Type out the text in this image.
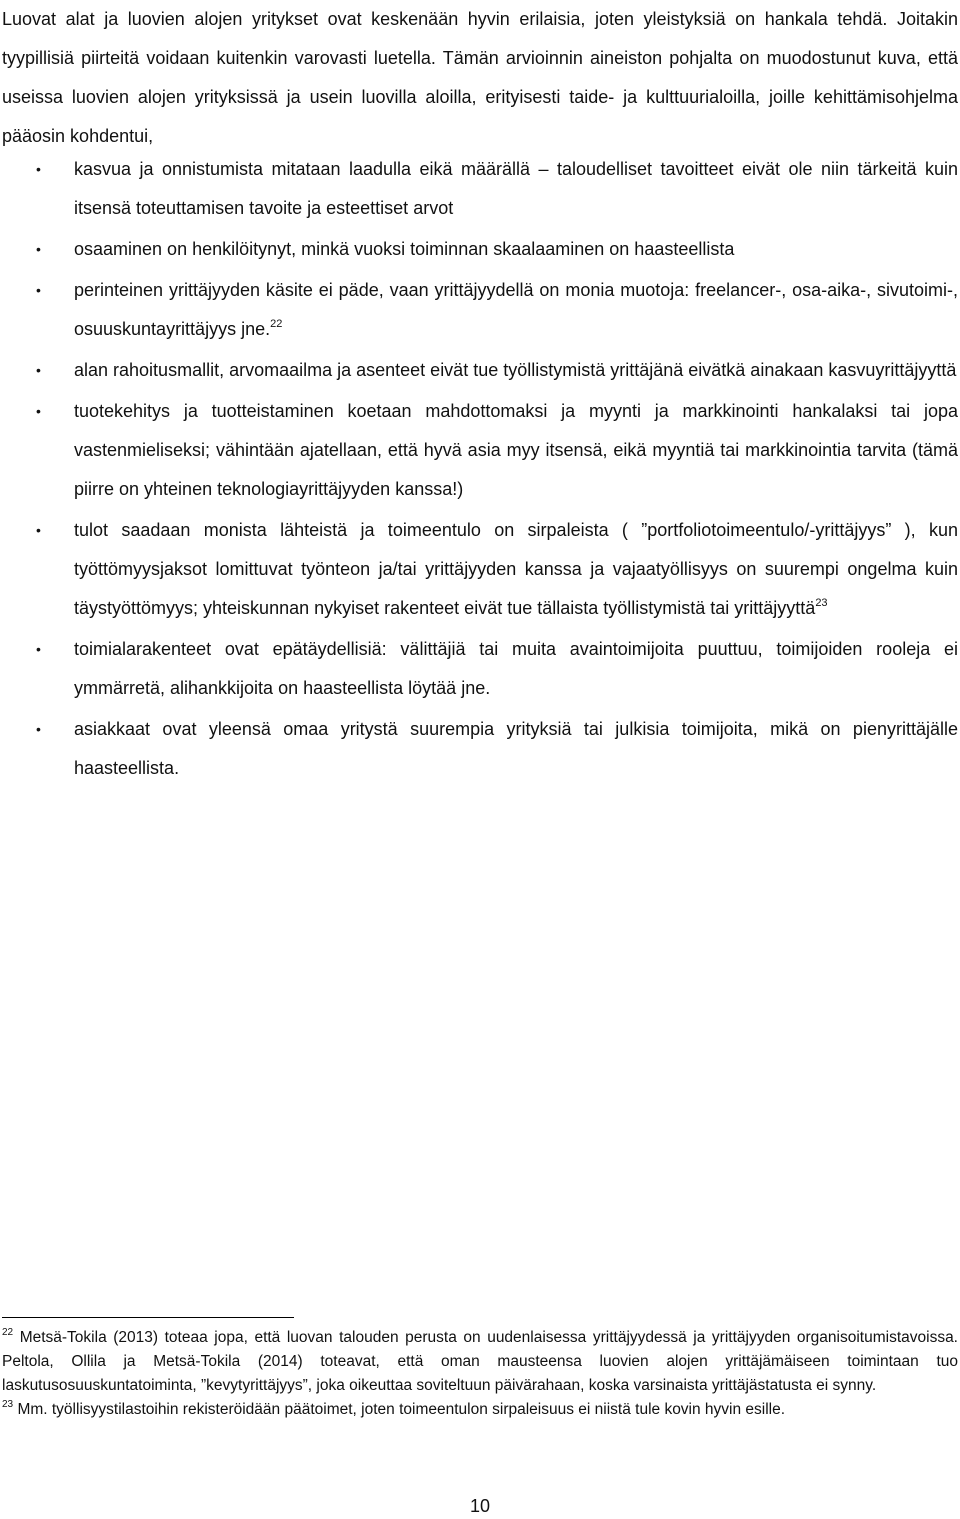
Luovat alat ja luovien alojen yritykset ovat keskenään hyvin erilaisia, joten yleistyksiä on hankala tehdä. Joitakin tyypillisiä piirteitä voidaan kuitenkin varovasti luetella. Tämän arvioinnin aineiston pohjalta on muodostunut kuva, että useissa luovien alojen yrityksissä ja usein luovilla aloilla, erityisesti taide- ja kulttuurialoilla, joille kehittämisohjelma pääosin kohdentui,

• kasvua ja onnistumista mitataan laadulla eikä määrällä – taloudelliset tavoitteet eivät ole niin tärkeitä kuin itsensä toteuttamisen tavoite ja esteettiset arvot
• osaaminen on henkilöitynyt, minkä vuoksi toiminnan skaalaaminen on haasteellista
• perinteinen yrittäjyyden käsite ei päde, vaan yrittäjyydellä on monia muotoja: freelancer-, osa-aika-, sivutoimi-, osuuskuntayrittäjyys jne.$^{22}$
• alan rahoitusmallit, arvomaailma ja asenteet eivät tue työllistymistä yrittäjänä eivätkä ainakaan kasvuyrittäjyyttä
• tuotekehitys ja tuotteistaminen koetaan mahdottomaksi ja myynti ja markkinointi hankalaksi tai jopa vastenmieliseksi; vähintään ajatellaan, että hyvä asia myy itsensä, eikä myyntiä tai markkinointia tarvita (tämä piirre on yhteinen teknologiayrittäjyyden kanssa!)
• tulot saadaan monista lähteistä ja toimeentulo on sirpaleista ( ”portfoliotoimeentulo/-yrittäjyys” ), kun työttömyysjaksot lomittuvat työnteon ja/tai yrittäjyyden kanssa ja vajaatyöllisyys on suurempi ongelma kuin täystyöttömyys; yhteiskunnan nykyiset rakenteet eivät tue tällaista työllistymistä tai yrittäjyyttä$^{23}$
• toimialarakenteet ovat epätäydellisiä: välittäjiä tai muita avaintoimijoita puuttuu, toimijoiden rooleja ei ymmärretä, alihankkijoita on haasteellista löytää jne.
• asiakkaat ovat yleensä omaa yritystä suurempia yrityksiä tai julkisia toimijoita, mikä on pienyrittäjälle haasteellista.

$^{22}$ Metsä-Tokila (2013) toteaa jopa, että luovan talouden perusta on uudenlaisessa yrittäjyydessä ja yrittäjyyden organisoitumistavoissa. Peltola, Ollila ja Metsä-Tokila (2014) toteavat, että oman mausteensa luovien alojen yrittäjämäiseen toimintaan tuo laskutusosuuskuntatoiminta, ”kevytyrittäjyys”, joka oikeuttaa soviteltuun päivärahaan, koska varsinaista yrittäjästatusta ei synny.

$^{23}$ Mm. työllisyystilastoihin rekisteröidään päätoimet, joten toimeentulon sirpaleisuus ei niistä tule kovin hyvin esille.

10
